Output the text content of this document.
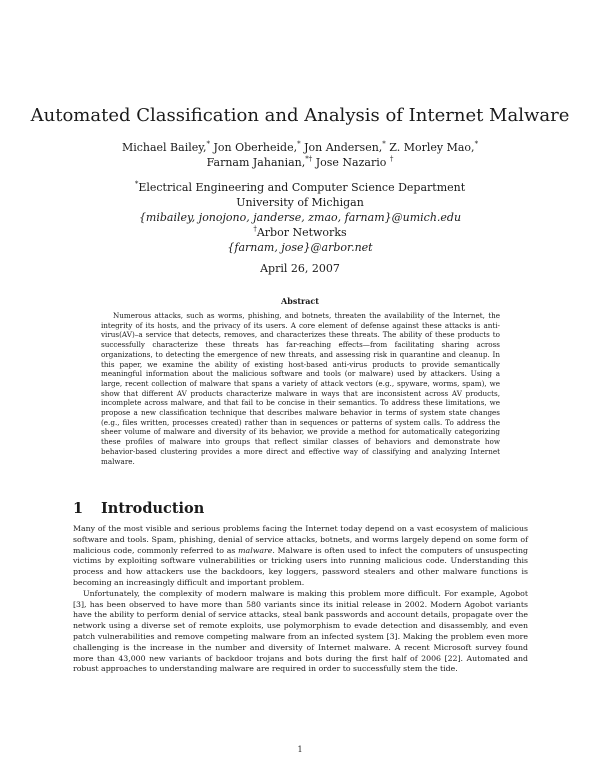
Automated Classification and Analysis of Internet Malware
Michael Bailey,* Jon Oberheide,* Jon Andersen,* Z. Morley Mao,*
Farnam Jahanian,*† Jose Nazario †
*Electrical Engineering and Computer Science Department
University of Michigan
{mibailey, jonojono, janderse, zmao, farnam}@umich.edu
†Arbor Networks
{farnam, jose}@arbor.net
April 26, 2007
Abstract

Numerous attacks, such as worms, phishing, and botnets, threaten the availability of the Internet, the integrity of its hosts, and the privacy of its users. A core element of defense against these attacks is anti-virus(AV)–a service that detects, removes, and characterizes these threats. The ability of these products to successfully characterize these threats has far-reaching effects—from facilitating sharing across organizations, to detecting the emergence of new threats, and assessing risk in quarantine and cleanup. In this paper, we examine the ability of existing host-based anti-virus products to provide semantically meaningful information about the malicious software and tools (or malware) used by attackers. Using a large, recent collection of malware that spans a variety of attack vectors (e.g., spyware, worms, spam), we show that different AV products characterize malware in ways that are inconsistent across AV products, incomplete across malware, and that fail to be concise in their semantics. To address these limitations, we propose a new classification technique that describes malware behavior in terms of system state changes (e.g., files written, processes created) rather than in sequences or patterns of system calls. To address the sheer volume of malware and diversity of its behavior, we provide a method for automatically categorizing these profiles of malware into groups that reflect similar classes of behaviors and demonstrate how behavior-based clustering provides a more direct and effective way of classifying and analyzing Internet malware.

1 Introduction

Many of the most visible and serious problems facing the Internet today depend on a vast ecosystem of malicious software and tools. Spam, phishing, denial of service attacks, botnets, and worms largely depend on some form of malicious code, commonly referred to as malware. Malware is often used to infect the computers of unsuspecting victims by exploiting software vulnerabilities or tricking users into running malicious code. Understanding this process and how attackers use the backdoors, key loggers, password stealers and other malware functions is becoming an increasingly difficult and important problem.

Unfortunately, the complexity of modern malware is making this problem more difficult. For example, Agobot [3], has been observed to have more than 580 variants since its initial release in 2002. Modern Agobot variants have the ability to perform denial of service attacks, steal bank passwords and account details, propagate over the network using a diverse set of remote exploits, use polymorphism to evade detection and disassembly, and even patch vulnerabilities and remove competing malware from an infected system [3]. Making the problem even more challenging is the increase in the number and diversity of Internet malware. A recent Microsoft survey found more than 43,000 new variants of backdoor trojans and bots during the first half of 2006 [22]. Automated and robust approaches to understanding malware are required in order to successfully stem the tide.

1
